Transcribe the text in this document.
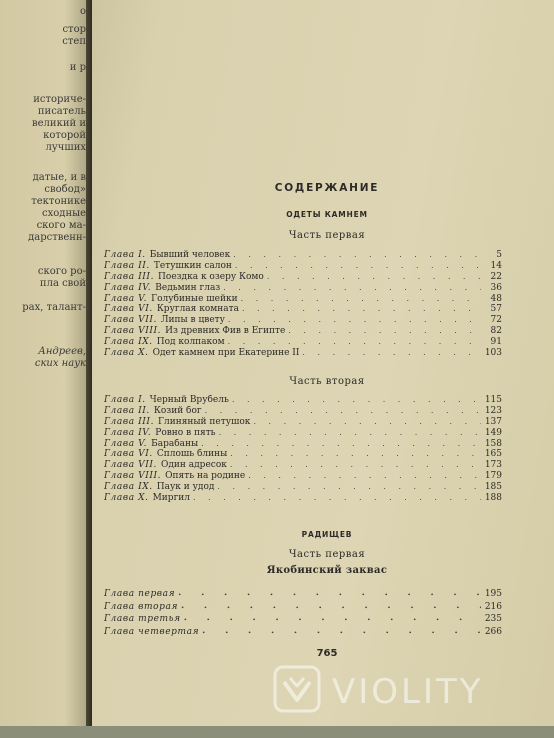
о
стор
степ
и р
историче-
писатель
великий и
которой
лучших
датые, и в
свобод»
тектонике
сходные
ского ма-
дарственн-
ского ро-
пла свой
рах, талант-
Андреев,
ских наук
СОДЕРЖАНИЕ
ОДЕТЫ КАМНЕМ
Часть первая
Глава I. Бывший человек . . .	5
Глава II. Тетушкин салон . . .	14
Глава III. Поездка к озеру Комо . . .	22
Глава IV. Ведьмин глаз . . .	36
Глава V. Голубиные шейки . . .	48
Глава VI. Круглая комната . . .	57
Глава VII. Липы в цвету . . .	72
Глава VIII. Из древних Фив в Египте . . .	82
Глава IX. Под колпаком . . .	91
Глава X. Одет камнем при Екатерине II . . .	103
Часть вторая
Глава I. Черный Врубель . . .	115
Глава II. Козий бог . . .	123
Глава III. Глиняный петушок . . .	137
Глава IV. Ровно в пять . . .	149
Глава V. Барабаны . . .	158
Глава VI. Сплошь блины . . .	165
Глава VII. Один адресок . . .	173
Глава VIII. Опять на родине . . .	179
Глава IX. Паук и удод . . .	185
Глава X. Миргил . . .	188
РАДИЩЕВ
Часть первая
Якобинский заквас
Глава первая • • •	195
Глава вторая • • •	216
Глава третья • • •	235
Глава четвертая • • •	266
765
VIOLITY
